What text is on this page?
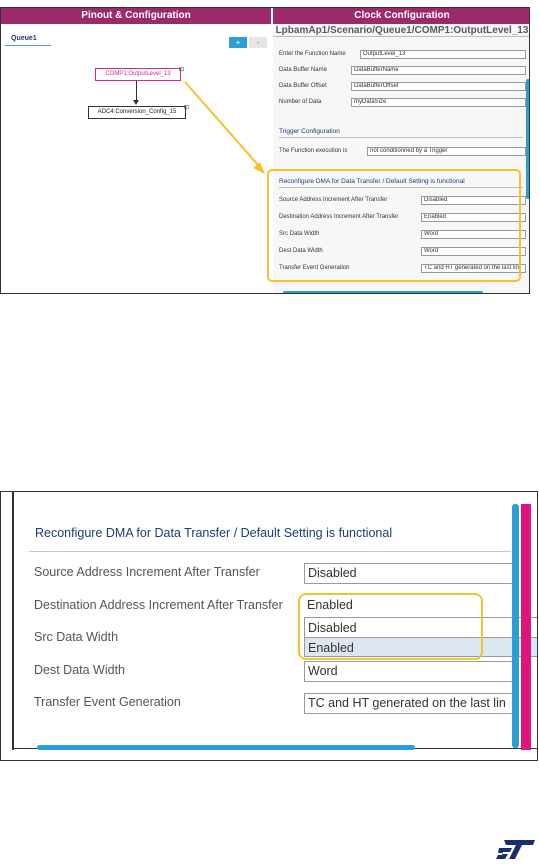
Pinout & Configuration	Clock Configuration
Queue1	+	-
COMP1:OutputLevel_13
⊡
ADC4:Conversion_Config_15
⊡
LpbamAp1/Scenario/Queue1/COMP1:OutputLevel_13
Enter the Function Name	OutputLevel_13
Data Buffer Name	DataBufferName
Data Buffer Offset	DataBufferOffset
Number of Data	myDataSize
Trigger Configuration
The Function execution is	not conditionned by a Trigger
Reconfigure DMA for Data Transfer / Default Setting is functional
Source Address Increment After Transfer	Disabled
Destination Address Increment After Transfer	Enabled
Src Data Width	Word
Dest Data Width	Word
Transfer Event Generation	TC and HT generated on the last lin
Reconfigure DMA for Data Transfer / Default Setting is functional
Source Address Increment After Transfer	Disabled
Destination Address Increment After Transfer Enabled
Disabled
Enabled
Src Data Width
Dest Data Width	Word
Transfer Event Generation	TC and HT generated on the last lin
